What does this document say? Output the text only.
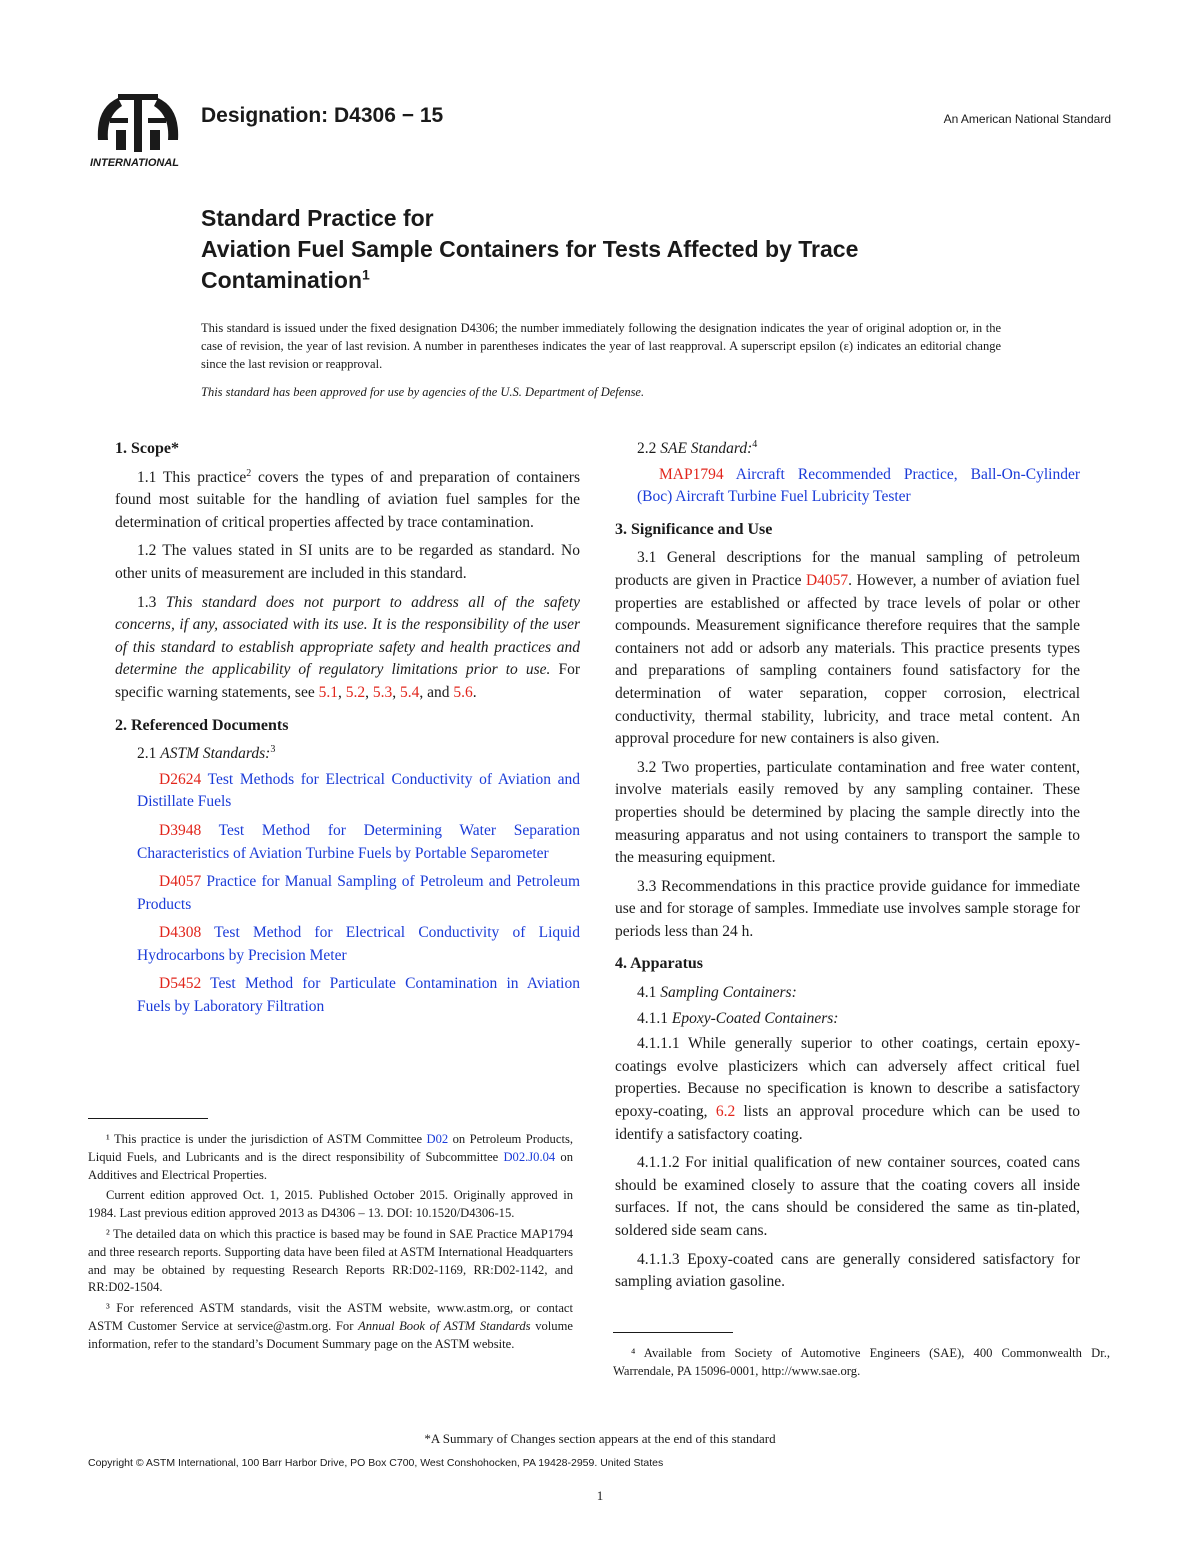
INTERNATIONAL
Designation: D4306 − 15	An American National Standard
Standard Practice for
Aviation Fuel Sample Containers for Tests Affected by Trace Contamination$^1$
This standard is issued under the fixed designation D4306; the number immediately following the designation indicates the year of original adoption or, in the case of revision, the year of last revision. A number in parentheses indicates the year of last reapproval. A superscript epsilon (ε) indicates an editorial change since the last revision or reapproval.
This standard has been approved for use by agencies of the U.S. Department of Defense.
1. Scope*

1.1 This practice$^2$ covers the types of and preparation of containers found most suitable for the handling of aviation fuel samples for the determination of critical properties affected by trace contamination.

1.2 The values stated in SI units are to be regarded as standard. No other units of measurement are included in this standard.

1.3 This standard does not purport to address all of the safety concerns, if any, associated with its use. It is the responsibility of the user of this standard to establish appropriate safety and health practices and determine the applicability of regulatory limitations prior to use. For specific warning statements, see 5.1, 5.2, 5.3, 5.4, and 5.6.

2. Referenced Documents

2.1 ASTM Standards:$^3$

D2624 Test Methods for Electrical Conductivity of Aviation and Distillate Fuels

D3948 Test Method for Determining Water Separation Characteristics of Aviation Turbine Fuels by Portable Separometer

D4057 Practice for Manual Sampling of Petroleum and Petroleum Products

D4308 Test Method for Electrical Conductivity of Liquid Hydrocarbons by Precision Meter

D5452 Test Method for Particulate Contamination in Aviation Fuels by Laboratory Filtration

2.2 SAE Standard:$^4$

MAP1794 Aircraft Recommended Practice, Ball-On-Cylinder (Boc) Aircraft Turbine Fuel Lubricity Tester

3. Significance and Use

3.1 General descriptions for the manual sampling of petroleum products are given in Practice D4057. However, a number of aviation fuel properties are established or affected by trace levels of polar or other compounds. Measurement significance therefore requires that the sample containers not add or adsorb any materials. This practice presents types and preparations of sampling containers found satisfactory for the determination of water separation, copper corrosion, electrical conductivity, thermal stability, lubricity, and trace metal content. An approval procedure for new containers is also given.

3.2 Two properties, particulate contamination and free water content, involve materials easily removed by any sampling container. These properties should be determined by placing the sample directly into the measuring apparatus and not using containers to transport the sample to the measuring equipment.

3.3 Recommendations in this practice provide guidance for immediate use and for storage of samples. Immediate use involves sample storage for periods less than 24 h.

4. Apparatus

4.1 Sampling Containers:

4.1.1 Epoxy-Coated Containers:

4.1.1.1 While generally superior to other coatings, certain epoxy-coatings evolve plasticizers which can adversely affect critical fuel properties. Because no specification is known to describe a satisfactory epoxy-coating, 6.2 lists an approval procedure which can be used to identify a satisfactory coating.

4.1.1.2 For initial qualification of new container sources, coated cans should be examined closely to assure that the coating covers all inside surfaces. If not, the cans should be considered the same as tin-plated, soldered side seam cans.

4.1.1.3 Epoxy-coated cans are generally considered satisfactory for sampling aviation gasoline.

¹ This practice is under the jurisdiction of ASTM Committee D02 on Petroleum Products, Liquid Fuels, and Lubricants and is the direct responsibility of Subcommittee D02.J0.04 on Additives and Electrical Properties.

Current edition approved Oct. 1, 2015. Published October 2015. Originally approved in 1984. Last previous edition approved 2013 as D4306 – 13. DOI: 10.1520/D4306-15.

² The detailed data on which this practice is based may be found in SAE Practice MAP1794 and three research reports. Supporting data have been filed at ASTM International Headquarters and may be obtained by requesting Research Reports RR:D02-1169, RR:D02-1142, and RR:D02-1504.

³ For referenced ASTM standards, visit the ASTM website, www.astm.org, or contact ASTM Customer Service at service@astm.org. For Annual Book of ASTM Standards volume information, refer to the standard’s Document Summary page on the ASTM website.

⁴ Available from Society of Automotive Engineers (SAE), 400 Commonwealth Dr., Warrendale, PA 15096-0001, http://www.sae.org.

*A Summary of Changes section appears at the end of this standard
Copyright © ASTM International, 100 Barr Harbor Drive, PO Box C700, West Conshohocken, PA 19428-2959. United States
1
